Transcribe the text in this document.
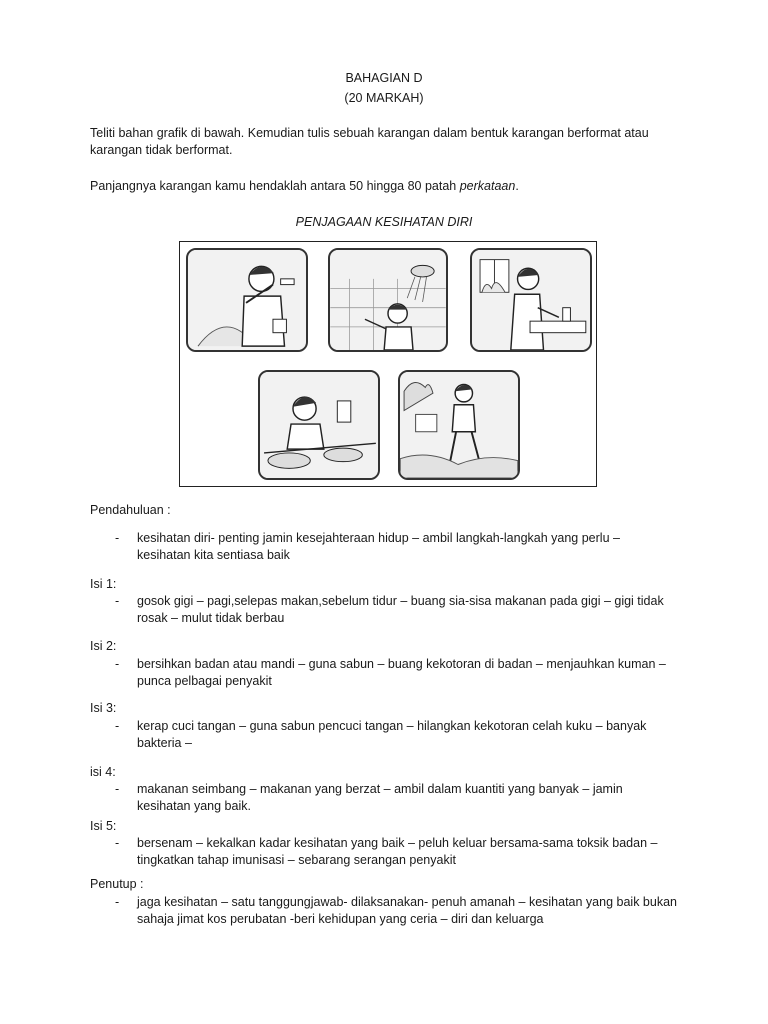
BAHAGIAN D
(20 MARKAH)
Teliti bahan grafik di bawah. Kemudian tulis sebuah karangan dalam bentuk karangan berformat atau
karangan tidak berformat.
Panjangnya karangan kamu hendaklah antara 50 hingga 80 patah perkataan.
PENJAGAAN KESIHATAN DIRI
Pendahuluan :
-	kesihatan diri- penting jamin kesejahteraan hidup – ambil langkah-langkah yang perlu –
kesihatan kita sentiasa baik
Isi 1:
-	gosok gigi – pagi,selepas makan,sebelum tidur – buang sia-sisa makanan pada gigi – gigi tidak
rosak – mulut tidak berbau
Isi 2:
-	bersihkan badan atau mandi – guna sabun – buang kekotoran di badan – menjauhkan kuman –
punca pelbagai penyakit
Isi 3:
-	kerap cuci tangan – guna sabun pencuci tangan – hilangkan kekotoran celah kuku – banyak
bakteria –
isi 4:
-	makanan seimbang – makanan yang berzat – ambil dalam kuantiti yang banyak – jamin
kesihatan yang baik.
Isi 5:
-	bersenam – kekalkan kadar kesihatan yang baik – peluh keluar bersama-sama toksik badan –
tingkatkan tahap imunisasi – sebarang serangan penyakit
Penutup :
-	jaga kesihatan – satu tanggungjawab- dilaksanakan- penuh amanah – kesihatan yang baik bukan
sahaja jimat kos perubatan -beri kehidupan yang ceria – diri dan keluarga
